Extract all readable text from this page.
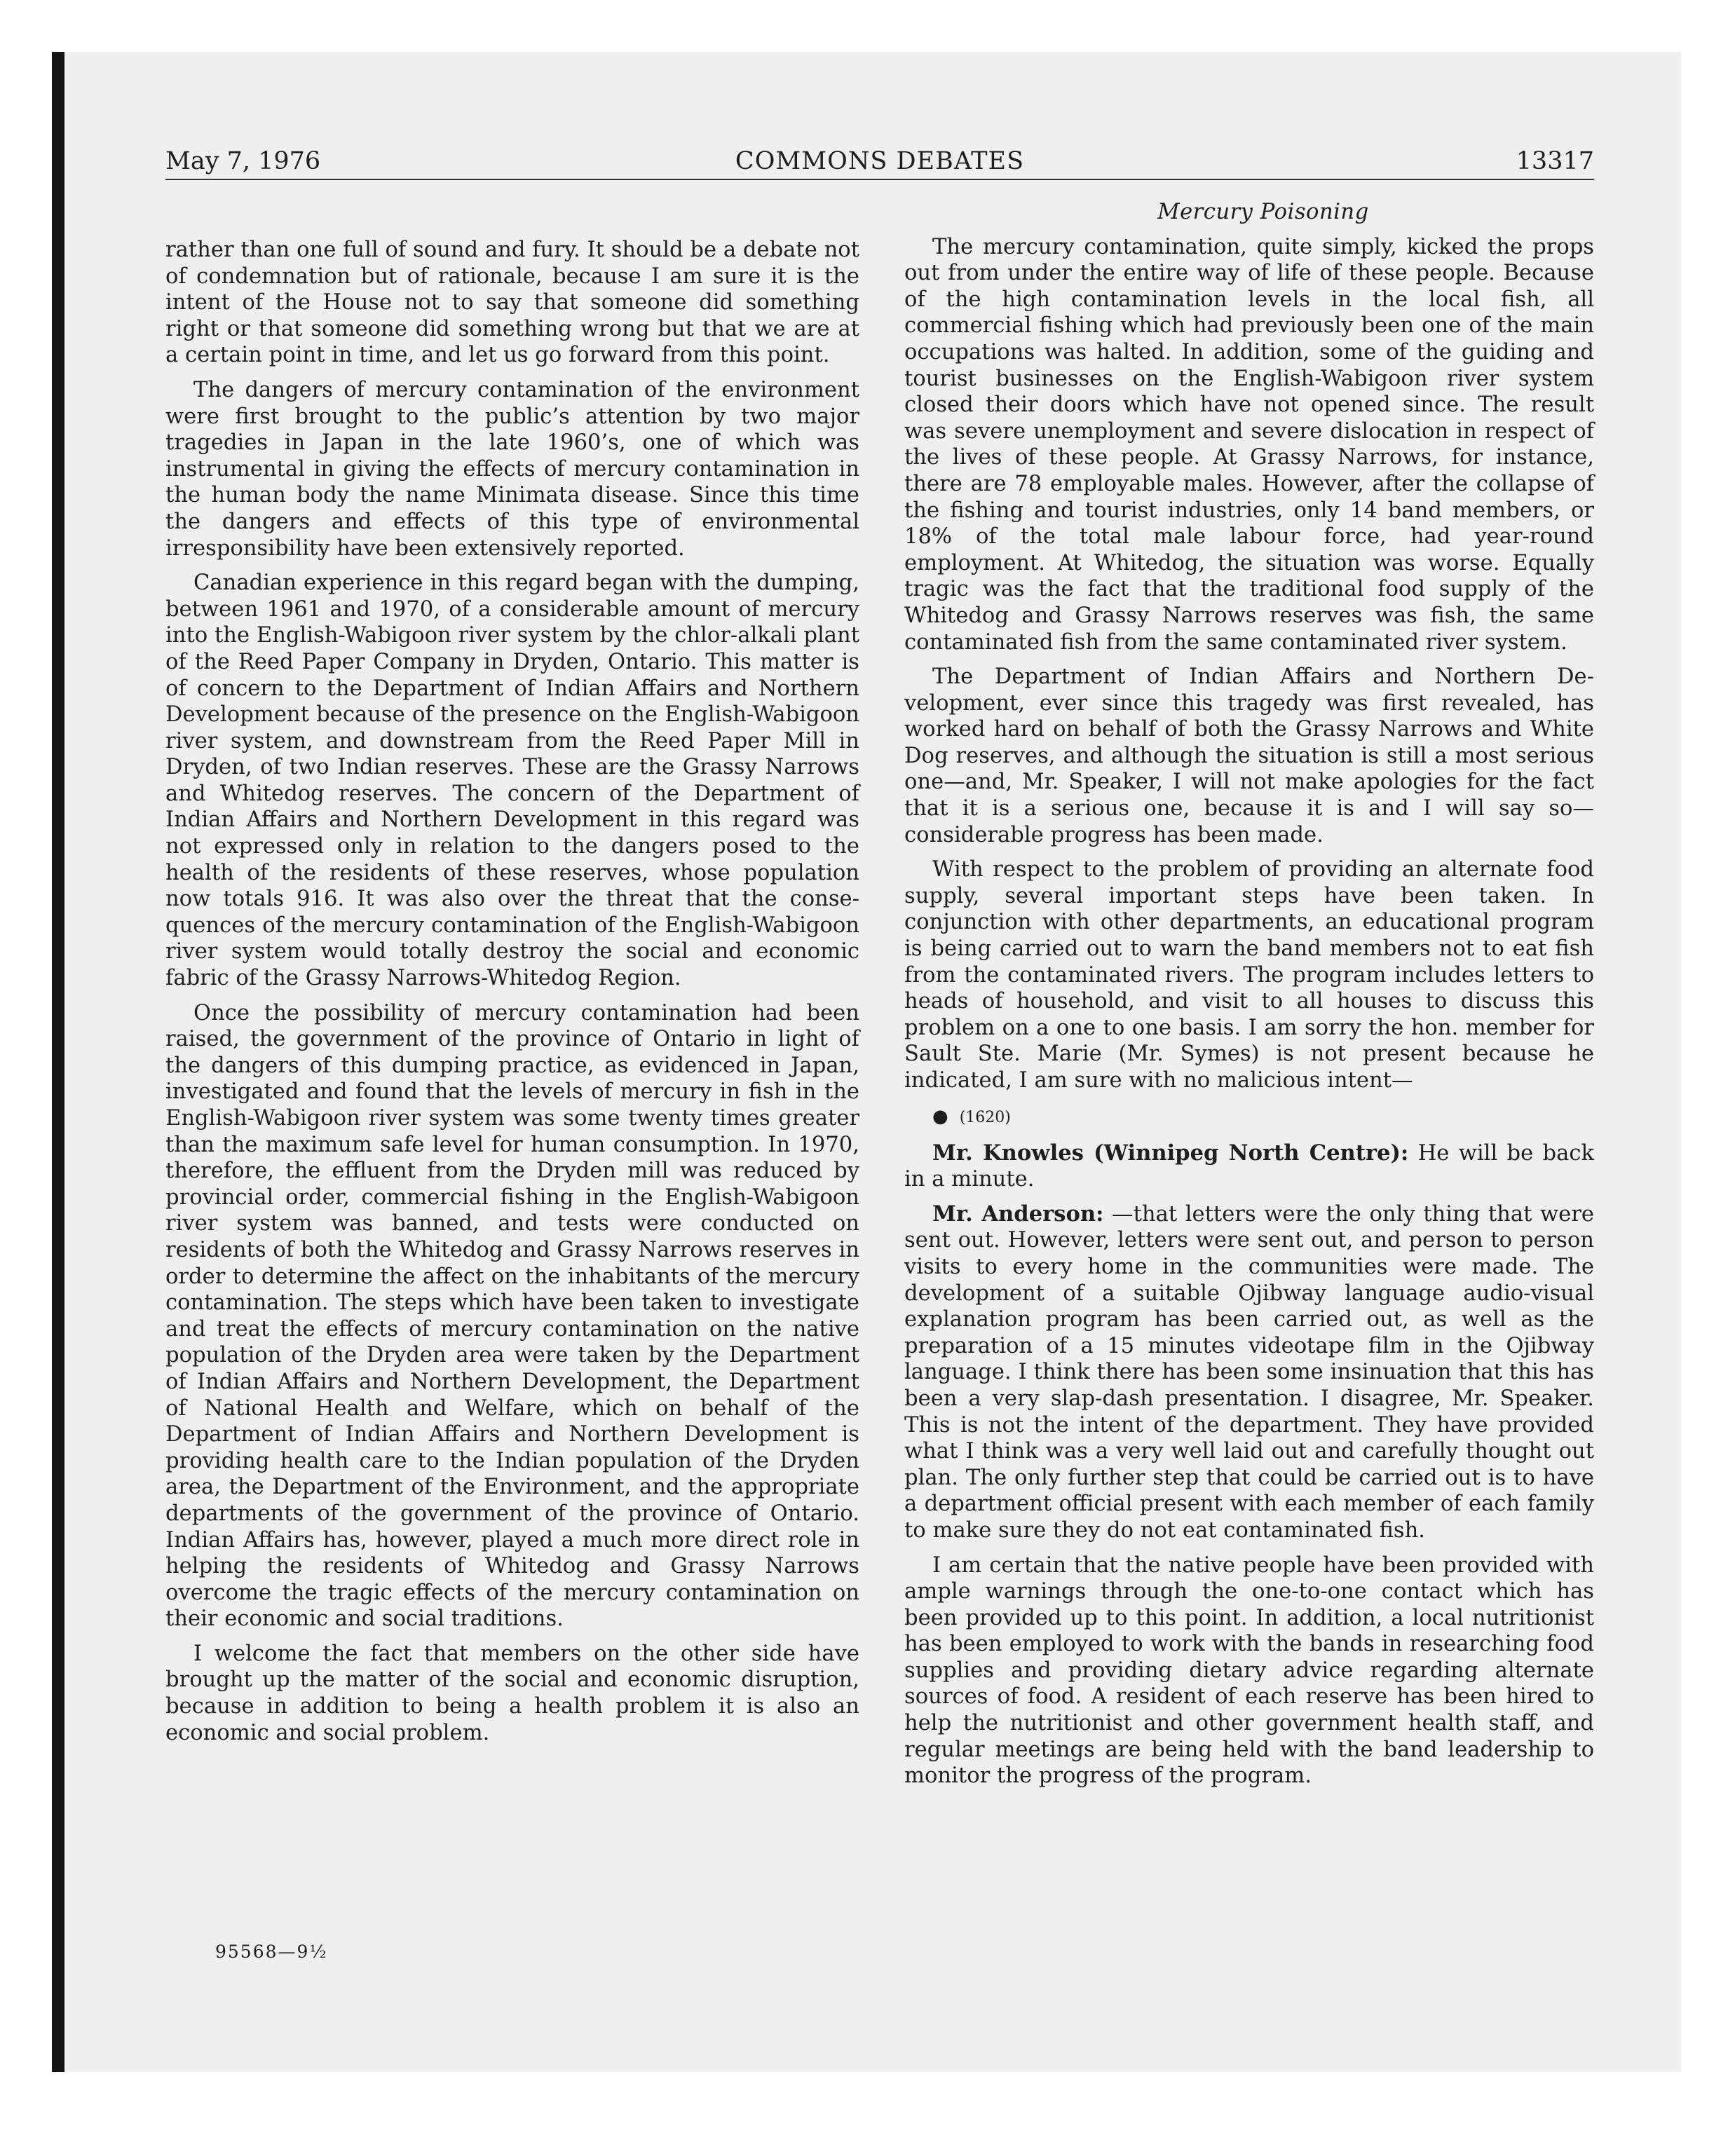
May 7, 1976	COMMONS DEBATES	13317

rather than one full of sound and fury. It should be a debate not of condemnation but of rationale, because I am sure it is the intent of the House not to say that someone did something right or that someone did something wrong but that we are at a certain point in time, and let us go forward from this point.

The dangers of mercury contamination of the environment were first brought to the public’s attention by two major tragedies in Japan in the late 1960’s, one of which was instrumental in giving the effects of mercury contamination in the human body the name Minimata disease. Since this time the dangers and effects of this type of environmental irresponsibility have been extensively reported.

Canadian experience in this regard began with the dumping, between 1961 and 1970, of a considerable amount of mercury into the English-Wabigoon river system by the chlor-alkali plant of the Reed Paper Company in Dryden, Ontario. This matter is of concern to the Department of Indian Affairs and Northern Development because of the presence on the English-Wabigoon river system, and downstream from the Reed Paper Mill in Dryden, of two Indian reserves. These are the Grassy Narrows and Whitedog reserves. The concern of the Department of Indian Affairs and Northern Development in this regard was not expressed only in relation to the dangers posed to the health of the residents of these reserves, whose population now totals 916. It was also over the threat that the consequences of the mercury contamination of the English-Wabigoon river system would totally destroy the social and economic fabric of the Grassy Narrows-Whitedog Region.

Once the possibility of mercury contamination had been raised, the government of the province of Ontario in light of the dangers of this dumping practice, as evidenced in Japan, investigated and found that the levels of mercury in fish in the English-Wabigoon river system was some twenty times greater than the maximum safe level for human consumption. In 1970, therefore, the effluent from the Dryden mill was reduced by provincial order, commercial fishing in the English-Wabigoon river system was banned, and tests were conducted on residents of both the Whitedog and Grassy Narrows reserves in order to determine the affect on the inhabitants of the mercury contamination. The steps which have been taken to investigate and treat the effects of mercury contamination on the native population of the Dryden area were taken by the Department of Indian Affairs and Northern Development, the Department of National Health and Welfare, which on behalf of the Department of Indian Affairs and Northern Development is providing health care to the Indian population of the Dryden area, the Department of the Environment, and the appropriate departments of the government of the province of Ontario. Indian Affairs has, however, played a much more direct role in helping the residents of Whitedog and Grassy Narrows overcome the tragic effects of the mercury contamination on their economic and social traditions.

I welcome the fact that members on the other side have brought up the matter of the social and economic disruption, because in addition to being a health problem it is also an economic and social problem.

Mercury Poisoning

The mercury contamination, quite simply, kicked the props out from under the entire way of life of these people. Because of the high contamination levels in the local fish, all commercial fishing which had previously been one of the main occupations was halted. In addition, some of the guiding and tourist businesses on the English-Wabigoon river system closed their doors which have not opened since. The result was severe unemployment and severe dislocation in respect of the lives of these people. At Grassy Narrows, for instance, there are 78 employable males. However, after the collapse of the fishing and tourist industries, only 14 band members, or 18% of the total male labour force, had year-round employment. At Whitedog, the situation was worse. Equally tragic was the fact that the traditional food supply of the Whitedog and Grassy Narrows reserves was fish, the same contaminated fish from the same contaminated river system.

The Department of Indian Affairs and Northern Development, ever since this tragedy was first revealed, has worked hard on behalf of both the Grassy Narrows and White Dog reserves, and although the situation is still a most serious one—and, Mr. Speaker, I will not make apologies for the fact that it is a serious one, because it is and I will say so—considerable progress has been made.

With respect to the problem of providing an alternate food supply, several important steps have been taken. In conjunction with other departments, an educational program is being carried out to warn the band members not to eat fish from the contaminated rivers. The program includes letters to heads of household, and visit to all houses to discuss this problem on a one to one basis. I am sorry the hon. member for Sault Ste. Marie (Mr. Symes) is not present because he indicated, I am sure with no malicious intent—

● (1620)

Mr. Knowles (Winnipeg North Centre): He will be back in a minute.

Mr. Anderson: —that letters were the only thing that were sent out. However, letters were sent out, and person to person visits to every home in the communities were made. The development of a suitable Ojibway language audio-visual explanation program has been carried out, as well as the preparation of a 15 minutes videotape film in the Ojibway language. I think there has been some insinuation that this has been a very slap-dash presentation. I disagree, Mr. Speaker. This is not the intent of the department. They have provided what I think was a very well laid out and carefully thought out plan. The only further step that could be carried out is to have a department official present with each member of each family to make sure they do not eat contaminated fish.

I am certain that the native people have been provided with ample warnings through the one-to-one contact which has been provided up to this point. In addition, a local nutritionist has been employed to work with the bands in researching food supplies and providing dietary advice regarding alternate sources of food. A resident of each reserve has been hired to help the nutritionist and other government health staff, and regular meetings are being held with the band leadership to monitor the progress of the program.

95568—9½
